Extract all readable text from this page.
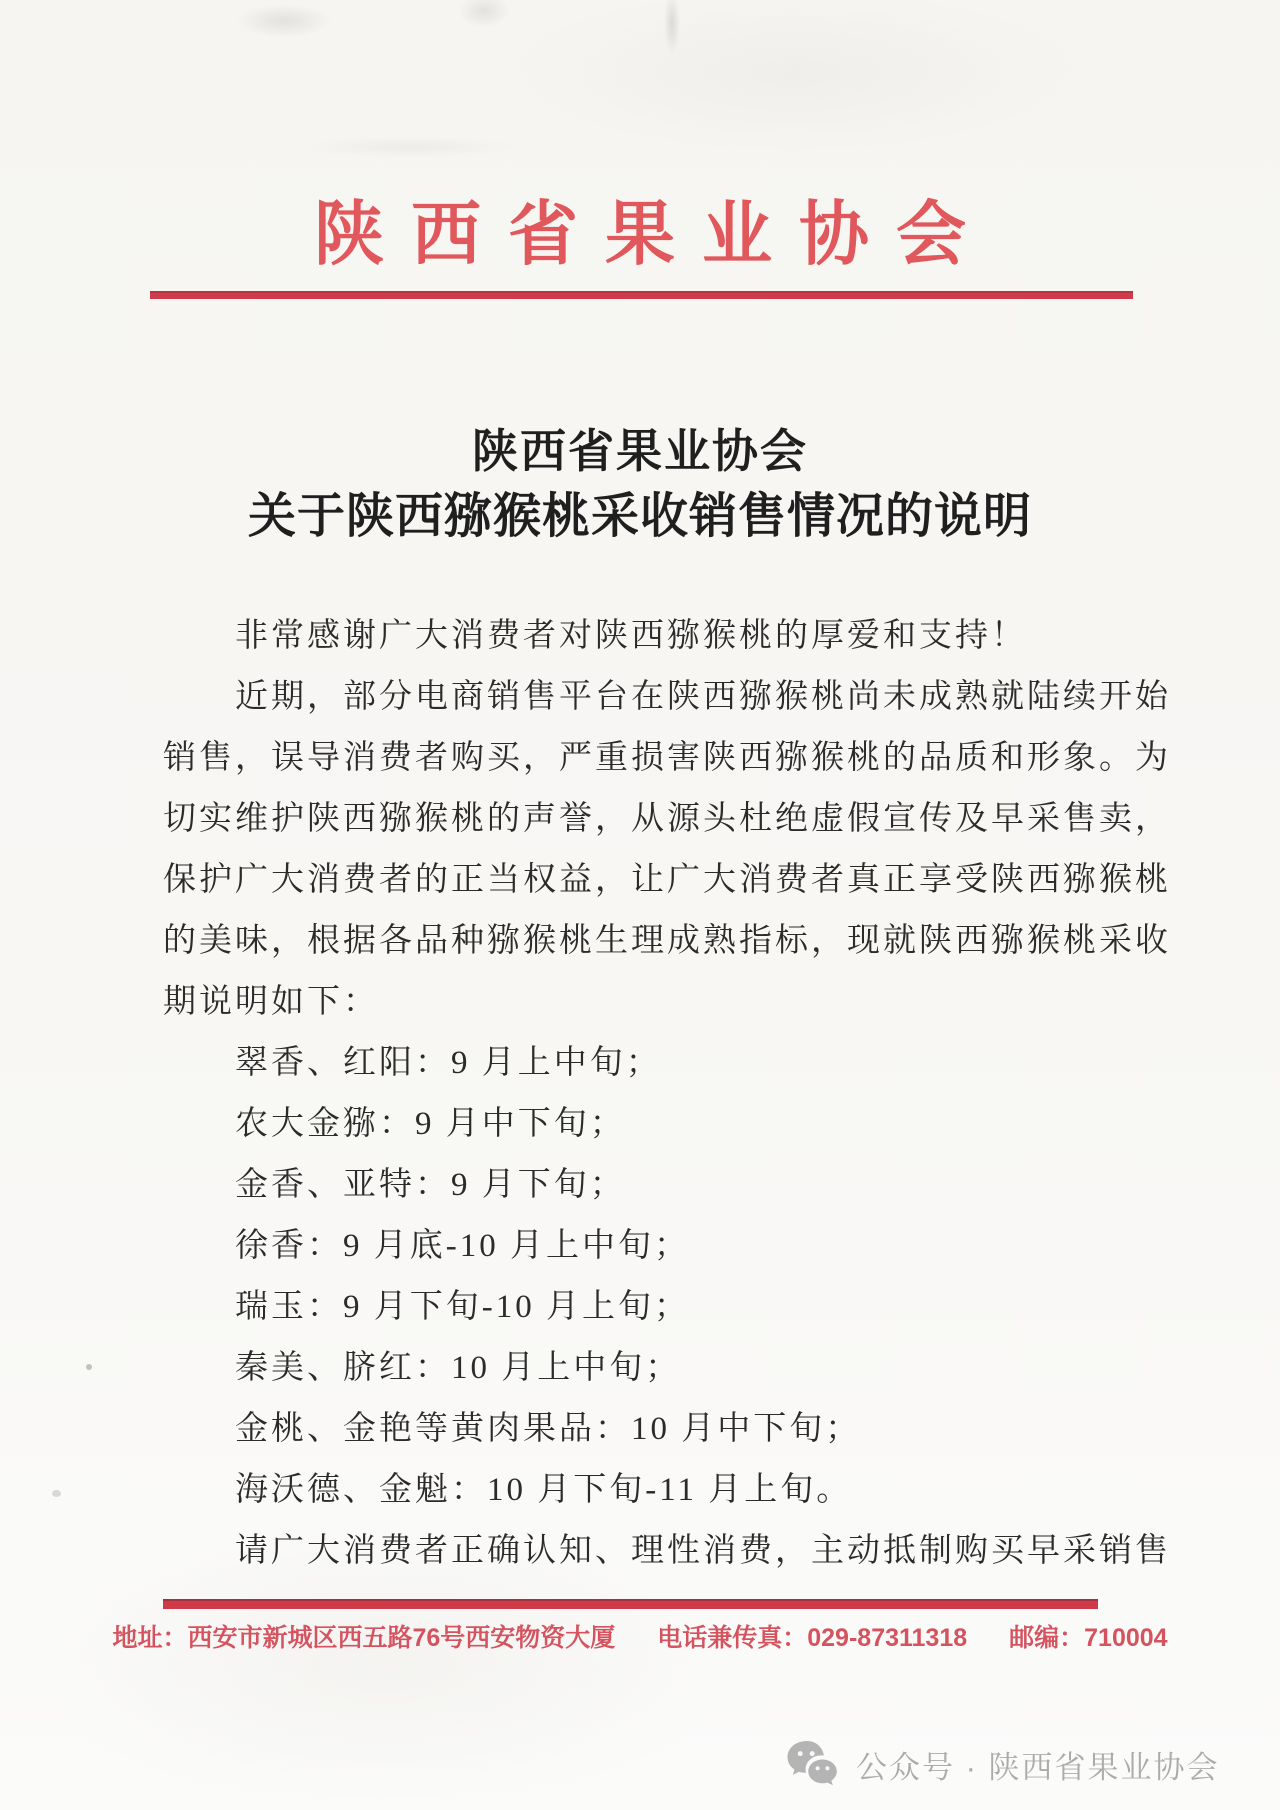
陕西省果业协会

陕西省果业协会

关于陕西猕猴桃采收销售情况的说明

非常感谢广大消费者对陕西猕猴桃的厚爱和支持！
近期，部分电商销售平台在陕西猕猴桃尚未成熟就陆续开始
销售，误导消费者购买，严重损害陕西猕猴桃的品质和形象。为
切实维护陕西猕猴桃的声誉，从源头杜绝虚假宣传及早采售卖，
保护广大消费者的正当权益，让广大消费者真正享受陕西猕猴桃
的美味，根据各品种猕猴桃生理成熟指标，现就陕西猕猴桃采收
期说明如下：
翠香、红阳：9 月上中旬；
农大金猕：9 月中下旬；
金香、亚特：9 月下旬；
徐香：9 月底-10 月上中旬；
瑞玉：9 月下旬-10 月上旬；
秦美、脐红：10 月上中旬；
金桃、金艳等黄肉果品：10 月中下旬；
海沃德、金魁：10 月下旬-11 月上旬。
请广大消费者正确认知、理性消费，主动抵制购买早采销售
地址：西安市新城区西五路76号西安物资大厦 电话兼传真：029-87311318 邮编：710004
公众号 · 陕西省果业协会
